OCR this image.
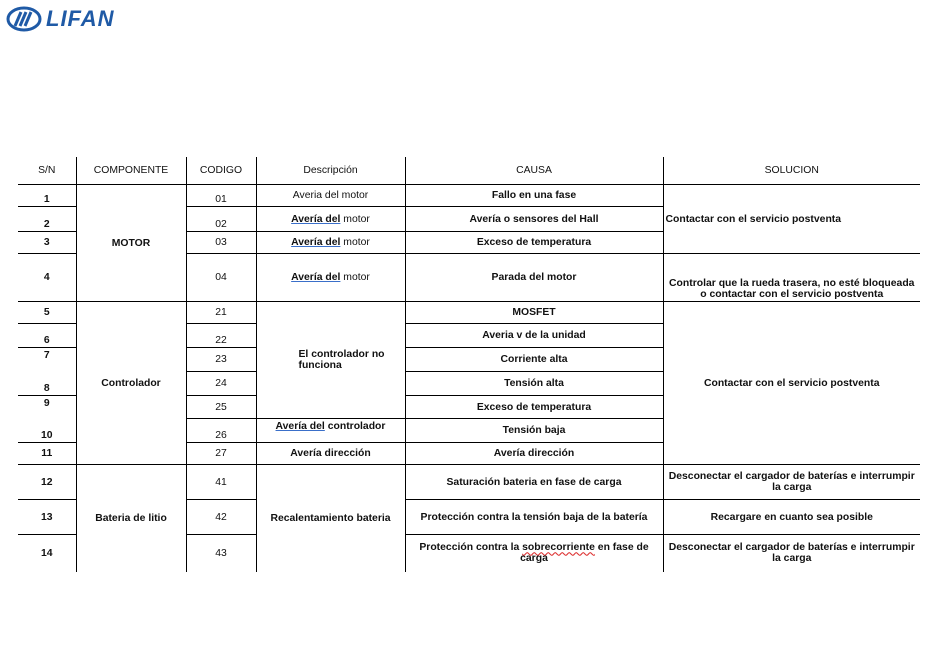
LIFAN
S/N	COMPONENTE	CODIGO	Descripción	CAUSA	SOLUCION
1	MOTOR	01	Averia del motor	Fallo en una fase	Contactar con el servicio postventa
2		02	Avería del motor	Avería o sensores del Hall	
3		03	Avería del motor	Exceso de temperatura	
4		04	Avería del motor	Parada del motor	Controlar que la rueda trasera, no esté bloqueada o contactar con el servicio postventa
5	Controlador	21	El controlador no funciona	MOSFET	Contactar con el servicio postventa
6		22		Averia v de la unidad	
7		23		Corriente alta	
8		24		Tensión alta	
9		25		Exceso de temperatura	
10		26	Avería del controlador	Tensión baja	
11		27	Avería dirección	Avería dirección	
12	Bateria de litio	41	Recalentamiento bateria	Saturación bateria en fase de carga	Desconectar el cargador de baterías e interrumpir la carga
13		42		Protección contra la tensión baja de la batería	Recargare en cuanto sea posible
14		43		Protección contra la sobrecorriente en fase de carga	Desconectar el cargador de baterías e interrumpir la carga
